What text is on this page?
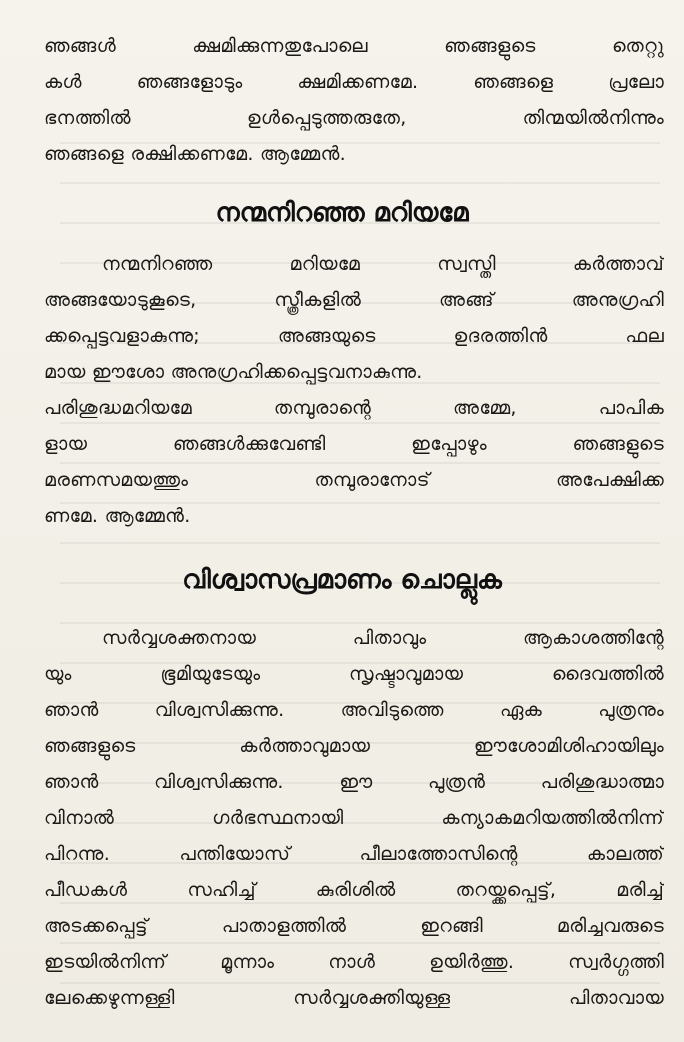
ഞങ്ങൾ ക്ഷമിക്കുന്നതുപോലെ ഞങ്ങളുടെ തെറ്റു
കൾ ഞങ്ങളോടും ക്ഷമിക്കണമേ. ഞങ്ങളെ പ്രലോ
ഭനത്തിൽ ഉൾപ്പെടുത്തരുതേ, തിന്മയിൽനിന്നും
ഞങ്ങളെ രക്ഷിക്കണമേ. ആമ്മേൻ.
നന്മനിറഞ്ഞ മറിയമേ
നന്മനിറഞ്ഞ മറിയമേ സ്വസ്തി കർത്താവ്
അങ്ങയോടുകൂടെ, സ്ത്രീകളിൽ അങ്ങ് അനുഗ്രഹി
ക്കപ്പെട്ടവളാകുന്നു; അങ്ങയുടെ ഉദരത്തിൻ ഫല
മായ ഈശോ അനുഗ്രഹിക്കപ്പെട്ടവനാകുന്നു.
പരിശുദ്ധമറിയമേ തമ്പുരാന്റെ അമ്മേ, പാപിക
ളായ ഞങ്ങൾക്കുവേണ്ടി ഇപ്പോഴും ഞങ്ങളുടെ
മരണസമയത്തും തമ്പുരാനോട് അപേക്ഷിക്ക
ണമേ. ആമ്മേൻ.
വിശ്വാസപ്രമാണം ചൊല്ലുക
സർവ്വശക്തനായ പിതാവും ആകാശത്തിന്റേ
യും ഭൂമിയുടേയും സൃഷ്ടാവുമായ ദൈവത്തിൽ
ഞാൻ വിശ്വസിക്കുന്നു. അവിടുത്തെ ഏക പുത്രനും
ഞങ്ങളുടെ കർത്താവുമായ ഈശോമിശിഹായിലും
ഞാൻ വിശ്വസിക്കുന്നു. ഈ പുത്രൻ പരിശുദ്ധാത്മാ
വിനാൽ ഗർഭസ്ഥനായി കന്യാകമറിയത്തിൽനിന്ന്
പിറന്നു. പന്തിയോസ് പീലാത്തോസിന്റെ കാലത്ത്
പീഡകൾ സഹിച്ച് കുരിശിൽ തറയ്ക്കപ്പെട്ട്, മരിച്ച്
അടക്കപ്പെട്ട് പാതാളത്തിൽ ഇറങ്ങി മരിച്ചവരുടെ
ഇടയിൽനിന്ന് മൂന്നാം നാൾ ഉയിർത്തു. സ്വർഗ്ഗത്തി
ലേക്കെഴുന്നള്ളി സർവ്വശക്തിയുള്ള പിതാവായ
